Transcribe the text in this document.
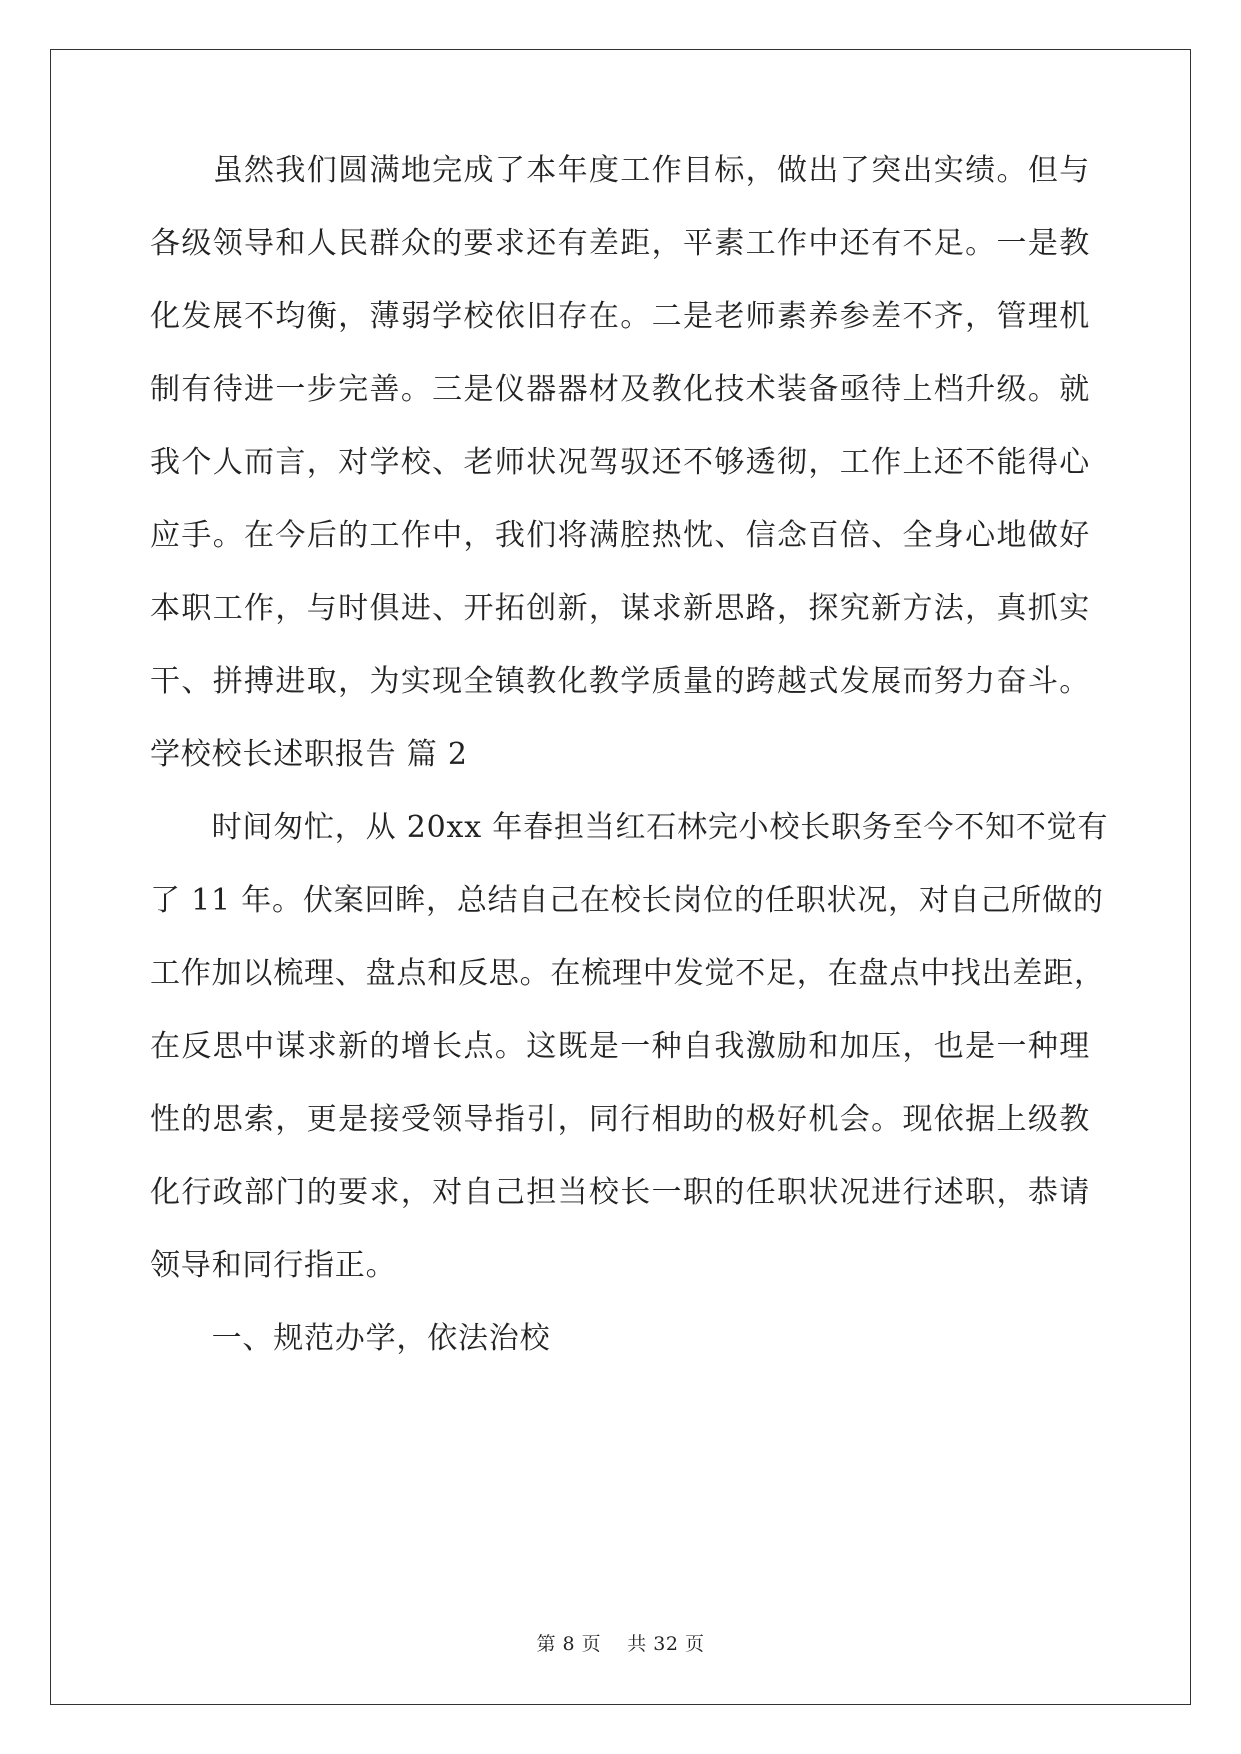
　　虽然我们圆满地完成了本年度工作目标，做出了突出实绩。但与
各级领导和人民群众的要求还有差距，平素工作中还有不足。一是教
化发展不均衡，薄弱学校依旧存在。二是老师素养参差不齐，管理机
制有待进一步完善。三是仪器器材及教化技术装备亟待上档升级。就
我个人而言，对学校、老师状况驾驭还不够透彻，工作上还不能得心
应手。在今后的工作中，我们将满腔热忱、信念百倍、全身心地做好
本职工作，与时俱进、开拓创新，谋求新思路，探究新方法，真抓实
干、拼搏进取，为实现全镇教化教学质量的跨越式发展而努力奋斗。
学校校长述职报告 篇 2
　　时间匆忙，从 20xx 年春担当红石林完小校长职务至今不知不觉有
了 11 年。伏案回眸，总结自己在校长岗位的任职状况，对自己所做的
工作加以梳理、盘点和反思。在梳理中发觉不足，在盘点中找出差距，
在反思中谋求新的增长点。这既是一种自我激励和加压，也是一种理
性的思索，更是接受领导指引，同行相助的极好机会。现依据上级教
化行政部门的要求，对自己担当校长一职的任职状况进行述职，恭请
领导和同行指正。
　　一、规范办学，依法治校
第 8 页　 共 32 页
